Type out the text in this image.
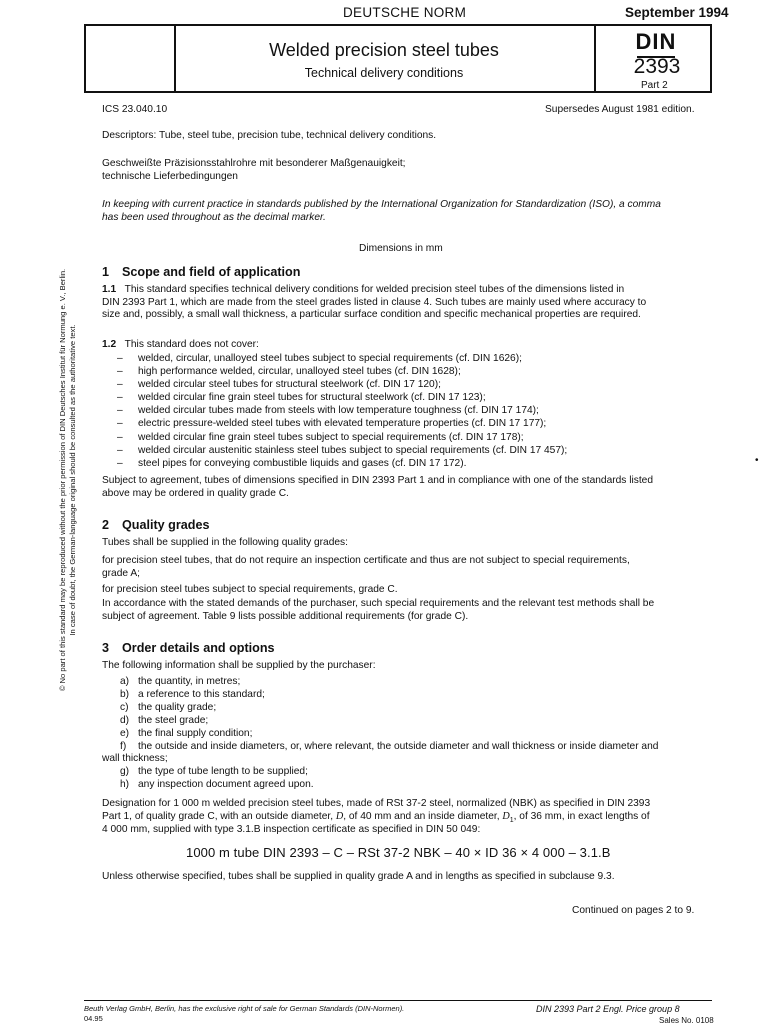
DEUTSCHE NORM	September 1994
Welded precision steel tubes
Technical delivery conditions
DIN
2393
Part 2
© No part of this standard may be reproduced without the prior permission of DIN Deutsches Institut für Normung e. V., Berlin. In case of doubt, the German-language original should be consulted as the authoritative text.
ICS 23.040.10	Supersedes August 1981 edition.
Descriptors: Tube, steel tube, precision tube, technical delivery conditions.
Geschweißte Präzisionsstahlrohre mit besonderer Maßgenauigkeit;
technische Lieferbedingungen
In keeping with current practice in standards published by the International Organization for Standardization (ISO), a comma
has been used throughout as the decimal marker.
Dimensions in mm
1 Scope and field of application
1.1 This standard specifies technical delivery conditions for welded precision steel tubes of the dimensions listed in
DIN 2393 Part 1, which are made from the steel grades listed in clause 4. Such tubes are mainly used where accuracy to
size and, possibly, a small wall thickness, a particular surface condition and specific mechanical properties are required.
1.2 This standard does not cover:
– welded, circular, unalloyed steel tubes subject to special requirements (cf. DIN 1626);
– high performance welded, circular, unalloyed steel tubes (cf. DIN 1628);
– welded circular steel tubes for structural steelwork (cf. DIN 17 120);
– welded circular fine grain steel tubes for structural steelwork (cf. DIN 17 123);
– welded circular tubes made from steels with low temperature toughness (cf. DIN 17 174);
– electric pressure-welded steel tubes with elevated temperature properties (cf. DIN 17 177);
– welded circular fine grain steel tubes subject to special requirements (cf. DIN 17 178);
– welded circular austenitic stainless steel tubes subject to special requirements (cf. DIN 17 457);
– steel pipes for conveying combustible liquids and gases (cf. DIN 17 172).
Subject to agreement, tubes of dimensions specified in DIN 2393 Part 1 and in compliance with one of the standards listed
above may be ordered in quality grade C.
2 Quality grades
Tubes shall be supplied in the following quality grades:
for precision steel tubes, that do not require an inspection certificate and thus are not subject to special requirements,
grade A;
for precision steel tubes subject to special requirements, grade C.
In accordance with the stated demands of the purchaser, such special requirements and the relevant test methods shall be
subject of agreement. Table 9 lists possible additional requirements (for grade C).
3 Order details and options
The following information shall be supplied by the purchaser:
a) the quantity, in metres;
b) a reference to this standard;
c) the quality grade;
d) the steel grade;
e) the final supply condition;
f) the outside and inside diameters, or, where relevant, the outside diameter and wall thickness or inside diameter and
wall thickness;
g) the type of tube length to be supplied;
h) any inspection document agreed upon.
Designation for 1 000 m welded precision steel tubes, made of RSt 37-2 steel, normalized (NBK) as specified in DIN 2393
Part 1, of quality grade C, with an outside diameter, D, of 40 mm and an inside diameter, $D_1$, of 36 mm, in exact lengths of
4 000 mm, supplied with type 3.1.B inspection certificate as specified in DIN 50 049:
1000 m tube DIN 2393 – C – RSt 37-2 NBK – 40 × ID 36 × 4 000 – 3.1.B
Unless otherwise specified, tubes shall be supplied in quality grade A and in lengths as specified in subclause 9.3.
Continued on pages 2 to 9.
•
Beuth Verlag GmbH, Berlin, has the exclusive right of sale for German Standards (DIN-Normen).
04.95
DIN 2393 Part 2 Engl. Price group 8
Sales No. 0108
